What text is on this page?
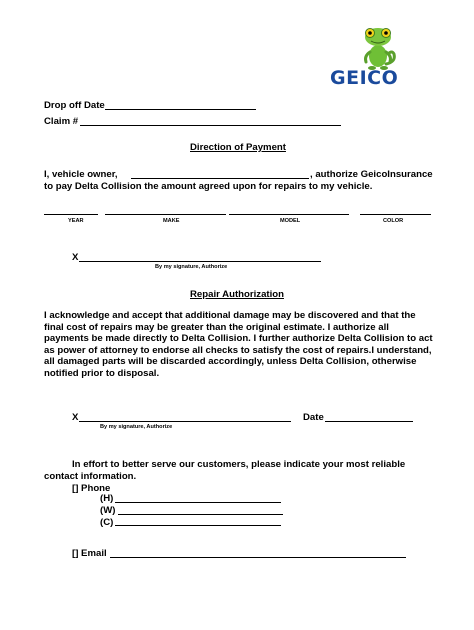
GEICO
Drop off Date
Claim #
Direction of Payment
I, vehicle owner,	, authorize GeicoInsurance
to pay Delta Collision the amount agreed upon for repairs to my vehicle.
YEAR	MAKE	MODEL	COLOR
X
By my signature, Authorize
Repair Authorization
I acknowledge and accept that additional damage may be discovered and that the
final cost of repairs may be greater than the original estimate. I authorize all
payments be made directly to Delta Collision. I further authorize Delta Collision to act
as power of attorney to endorse all checks to satisfy the cost of repairs.I understand,
all damaged parts will be discarded accordingly, unless Delta Collision, otherwise
notified prior to disposal.
X
By my signature, Authorize
Date
In effort to better serve our customers, please indicate your most reliable
contact information.
[] Phone
(H)
(W)
(C)
[] Email
